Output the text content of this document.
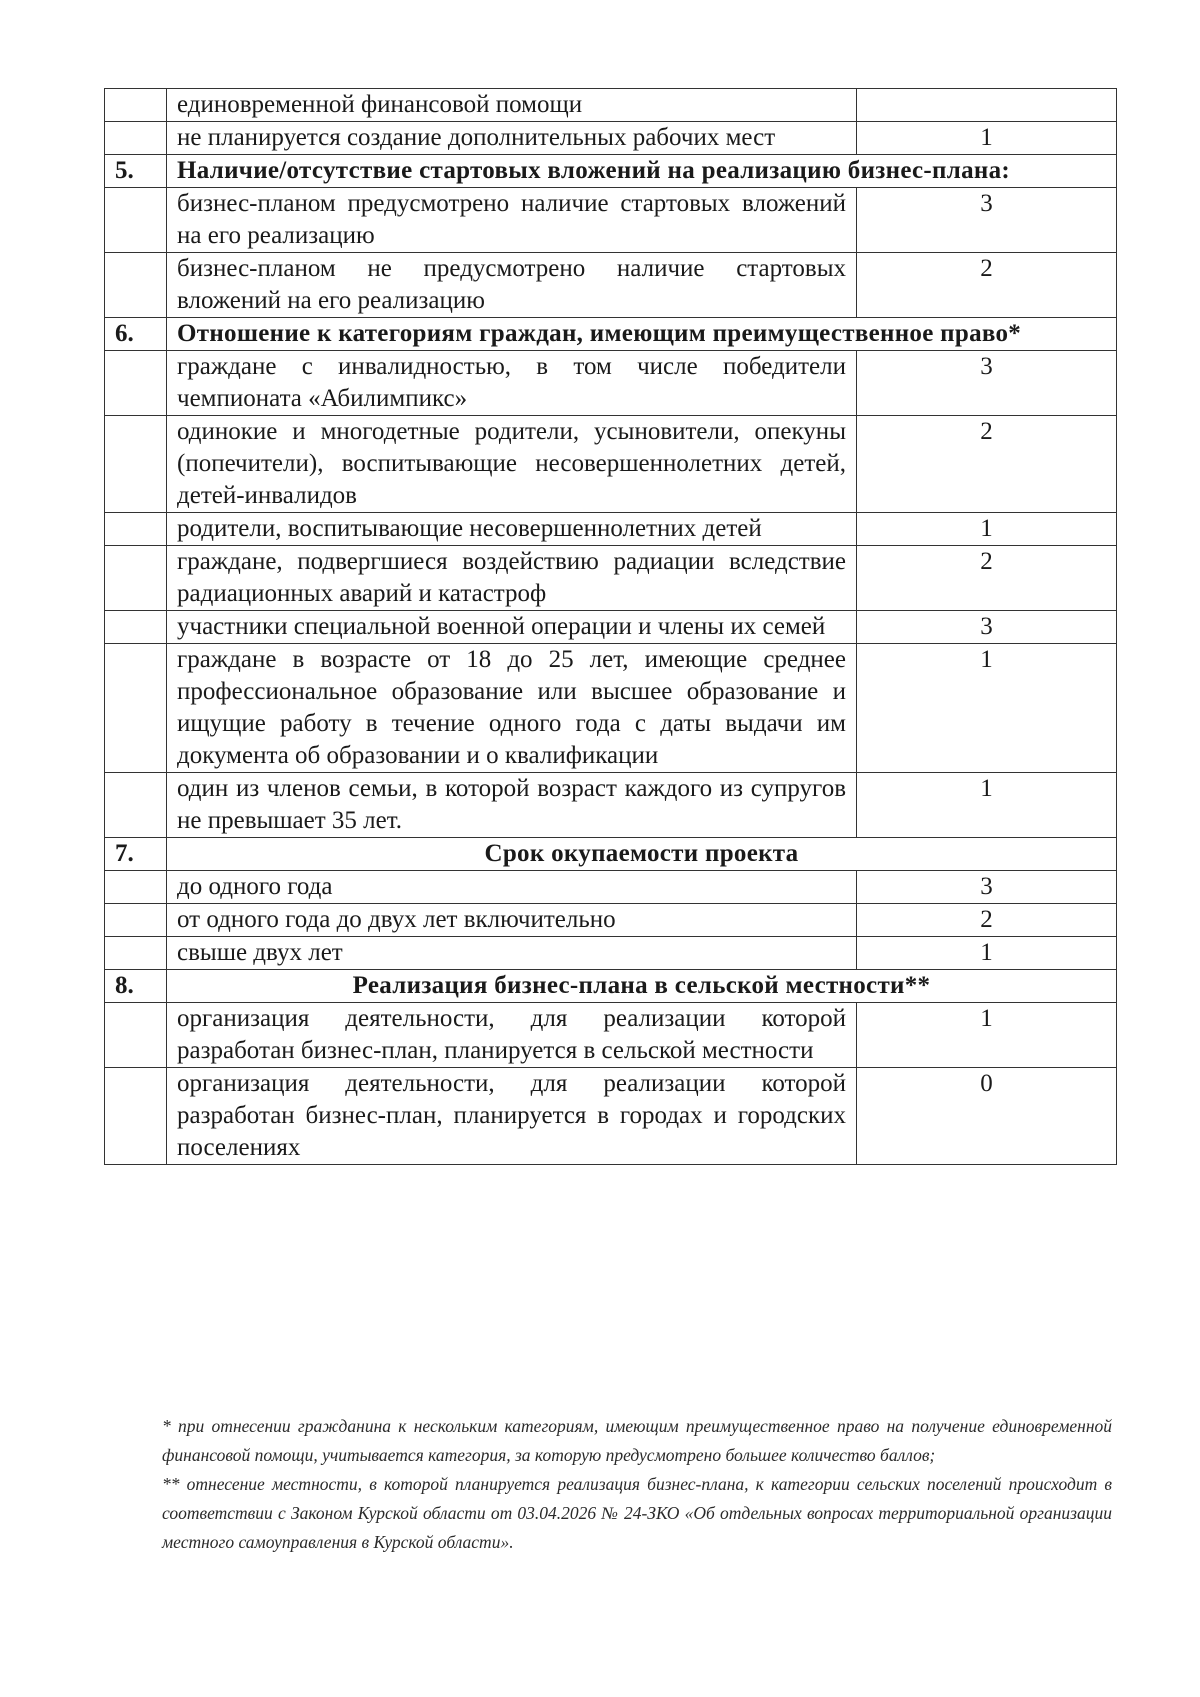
	единовременной финансовой помощи	
	не планируется создание дополнительных рабочих мест	1
5.	Наличие/отсутствие стартовых вложений на реализацию бизнес-плана:	
	бизнес-планом предусмотрено наличие стартовых вложений на его реализацию	3
	бизнес-планом не предусмотрено наличие стартовых вложений на его реализацию	2
6.	Отношение к категориям граждан, имеющим преимущественное право*	
	граждане с инвалидностью, в том числе победители чемпионата «Абилимпикс»	3
	одинокие и многодетные родители, усыновители, опекуны (попечители), воспитывающие несовершеннолетних детей, детей-инвалидов	2
	родители, воспитывающие несовершеннолетних детей	1
	граждане, подвергшиеся воздействию радиации вследствие радиационных аварий и катастроф	2
	участники специальной военной операции и члены их семей	3
	граждане в возрасте от 18 до 25 лет, имеющие среднее профессиональное образование или высшее образование и ищущие работу в течение одного года с даты выдачи им документа об образовании и о квалификации	1
	один из членов семьи, в которой возраст каждого из супругов не превышает 35 лет.	1
7.	Срок окупаемости проекта	
	до одного года	3
	от одного года до двух лет включительно	2
	свыше двух лет	1
8.	Реализация бизнес-плана в сельской местности**	
	организация деятельности, для реализации которой разработан бизнес-план, планируется в сельской местности	1
	организация деятельности, для реализации которой разработан бизнес-план, планируется в городах и городских поселениях	0

* при отнесении гражданина к нескольким категориям, имеющим преимущественное право на получение единовременной финансовой помощи, учитывается категория, за которую предусмотрено большее количество баллов;

** отнесение местности, в которой планируется реализация бизнес-плана, к категории сельских поселений происходит в соответствии с Законом Курской области от 03.04.2026 № 24-ЗКО «Об отдельных вопросах территориальной организации местного самоуправления в Курской области».
